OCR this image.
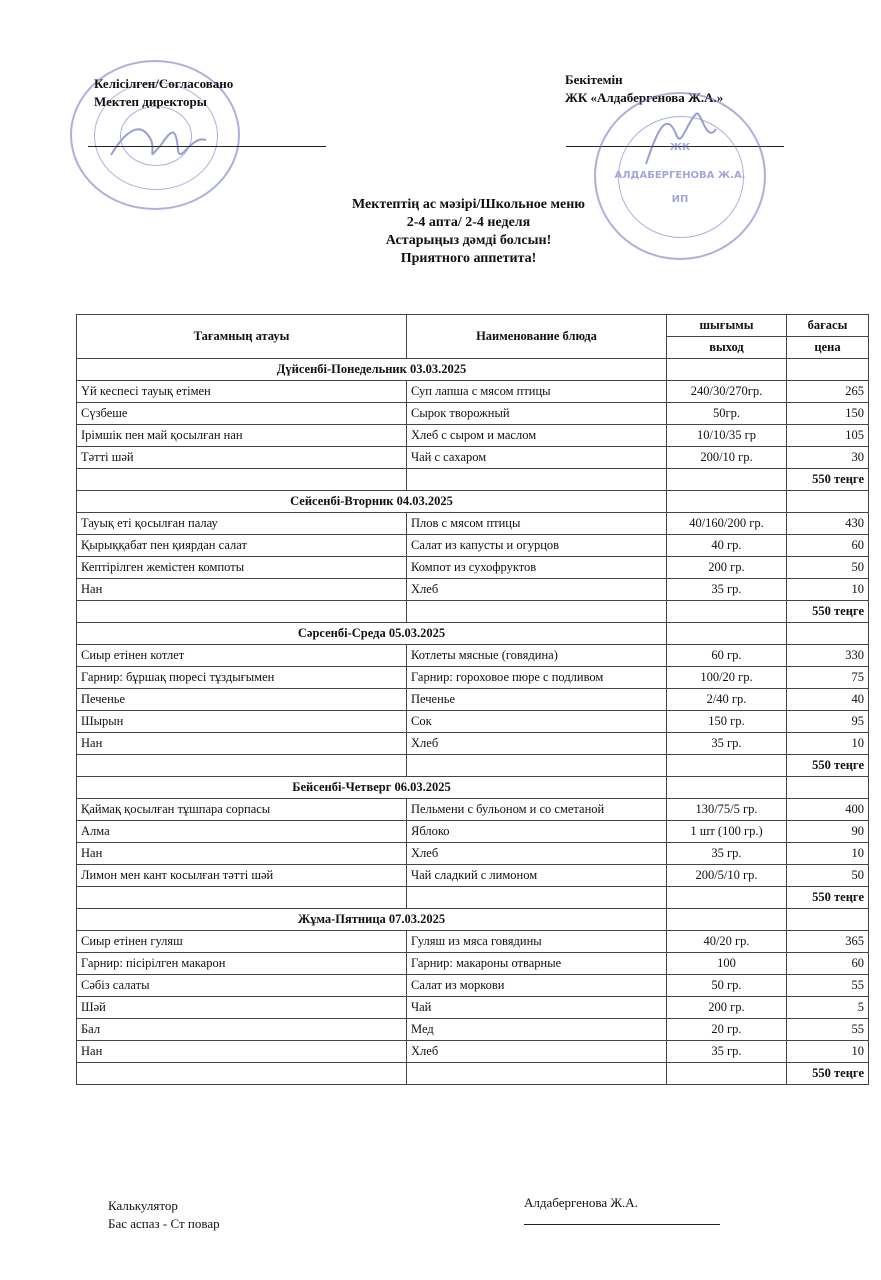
Келісілген/Согласовано
Мектеп директоры
Бекітемін
ЖК «Алдабергенова Ж.А.»
ЖК
АЛДАБЕРГЕНОВА Ж.А.
ИП
Мектептің ас мәзірі/Школьное меню
2-4 апта/ 2-4 неделя
Астарыңыз дәмді болсын!
Приятного аппетита!
Тағамның атауы	Наименование блюда	шығымы	бағасы
		выход	цена
Дүйсенбі-Понедельник 03.03.2025			
Үй кеспесі тауық етімен	Суп лапша с мясом птицы	240/30/270гр.	265
Сүзбеше	Сырок творожный	50гр.	150
Ірімшік пен май қосылған нан	Хлеб с сыром и маслом	10/10/35 гр	105
Тәтті шәй	Чай с сахаром	200/10 гр.	30
			550 теңге
Сейсенбі-Вторник 04.03.2025			
Тауық еті қосылған палау	Плов с мясом птицы	40/160/200 гр.	430
Қырыққабат пен қиярдан салат	Салат из капусты и огурцов	40 гр.	60
Кептірілген жемістен компоты	Компот из сухофруктов	200 гр.	50
Нан	Хлеб	35 гр.	10
			550 теңге
Сәрсенбі-Среда 05.03.2025			
Сиыр етінен котлет	Котлеты мясные (говядина)	60 гр.	330
Гарнир: бұршақ пюресі тұздығымен	Гарнир: гороховое пюре с подливом	100/20 гр.	75
Печенье	Печенье	2/40 гр.	40
Шырын	Сок	150 гр.	95
Нан	Хлеб	35 гр.	10
			550 теңге
Бейсенбі-Четверг 06.03.2025			
Қаймақ қосылған тұшпара сорпасы	Пельмени с бульоном и со сметаной	130/75/5 гр.	400
Алма	Яблоко	1 шт (100 гр.)	90
Нан	Хлеб	35 гр.	10
Лимон мен кант косылған тәтті шәй	Чай сладкий с лимоном	200/5/10 гр.	50
			550 теңге
Жұма-Пятница 07.03.2025			
Сиыр етінен гуляш	Гуляш из мяса говядины	40/20 гр.	365
Гарнир: пісірілген макарон	Гарнир: макароны отварные	100	60
Сәбіз салаты	Салат из моркови	50 гр.	55
Шәй	Чай	200 гр.	5
Бал	Мед	20 гр.	55
Нан	Хлеб	35 гр.	10
			550 теңге
Калькулятор
Бас аспаз - Ст повар
Алдабергенова Ж.А.
